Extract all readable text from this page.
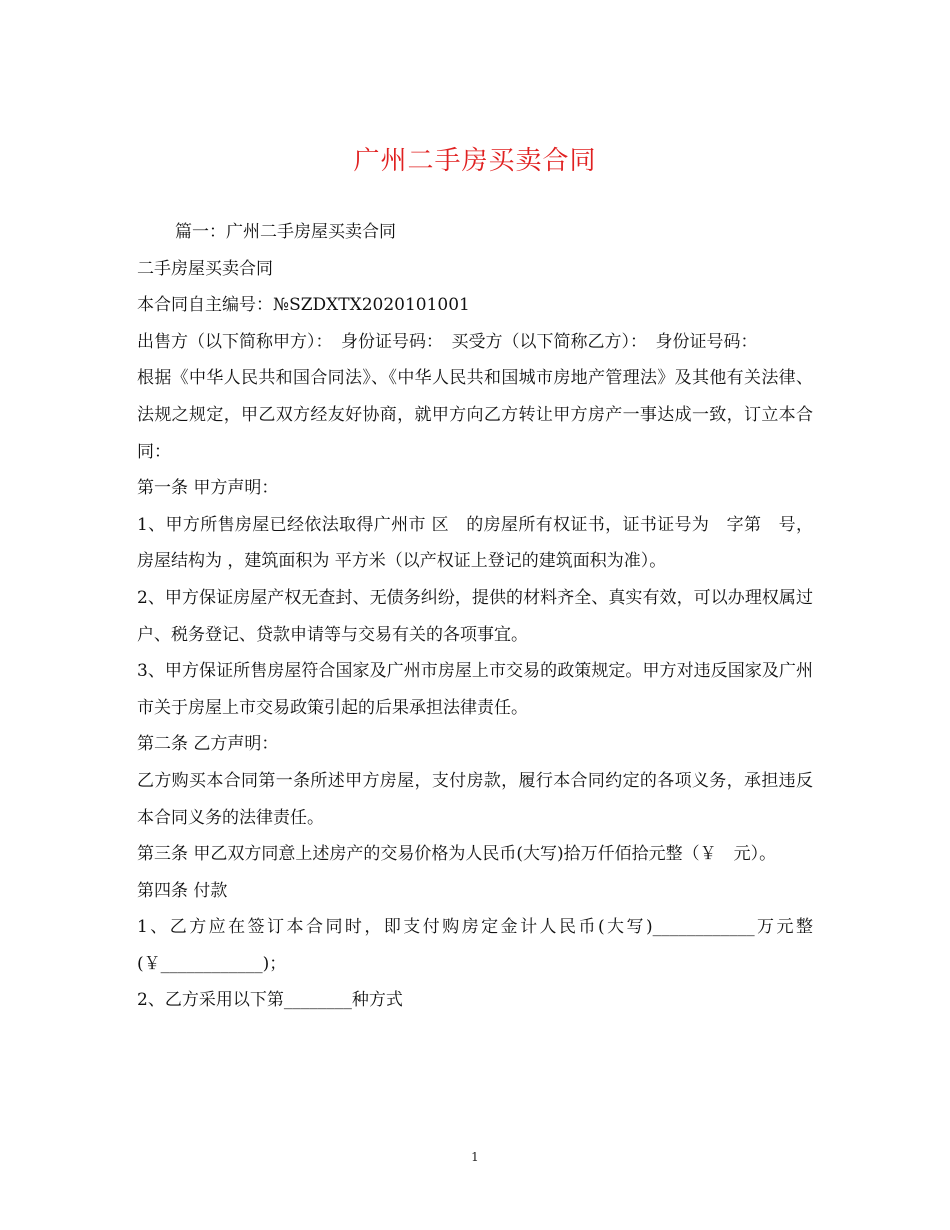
广州二手房买卖合同

篇一：广州二手房屋买卖合同

二手房屋买卖合同

本合同自主编号：№SZDXTX2020101001

出售方（以下简称甲方）：　身份证号码：　买受方（以下简称乙方）：　身份证号码：

根据《中华人民共和国合同法》、《中华人民共和国城市房地产管理法》及其他有关法律、法规之规定，甲乙双方经友好协商，就甲方向乙方转让甲方房产一事达成一致，订立本合同：

第一条 甲方声明：

1、甲方所售房屋已经依法取得广州市 区　的房屋所有权证书，证书证号为　字第　号，房屋结构为 ，建筑面积为 平方米（以产权证上登记的建筑面积为准）。

2、甲方保证房屋产权无查封、无债务纠纷，提供的材料齐全、真实有效，可以办理权属过户、税务登记、贷款申请等与交易有关的各项事宜。

3、甲方保证所售房屋符合国家及广州市房屋上市交易的政策规定。甲方对违反国家及广州市关于房屋上市交易政策引起的后果承担法律责任。

第二条 乙方声明：

乙方购买本合同第一条所述甲方房屋，支付房款，履行本合同约定的各项义务，承担违反本合同义务的法律责任。

第三条 甲乙双方同意上述房产的交易价格为人民币(大写)拾万仟佰拾元整（￥　元）。

第四条 付款

1、乙方应在签订本合同时，即支付购房定金计人民币(大写)____________万元整(￥____________)；

2、乙方采用以下第________种方式

1
